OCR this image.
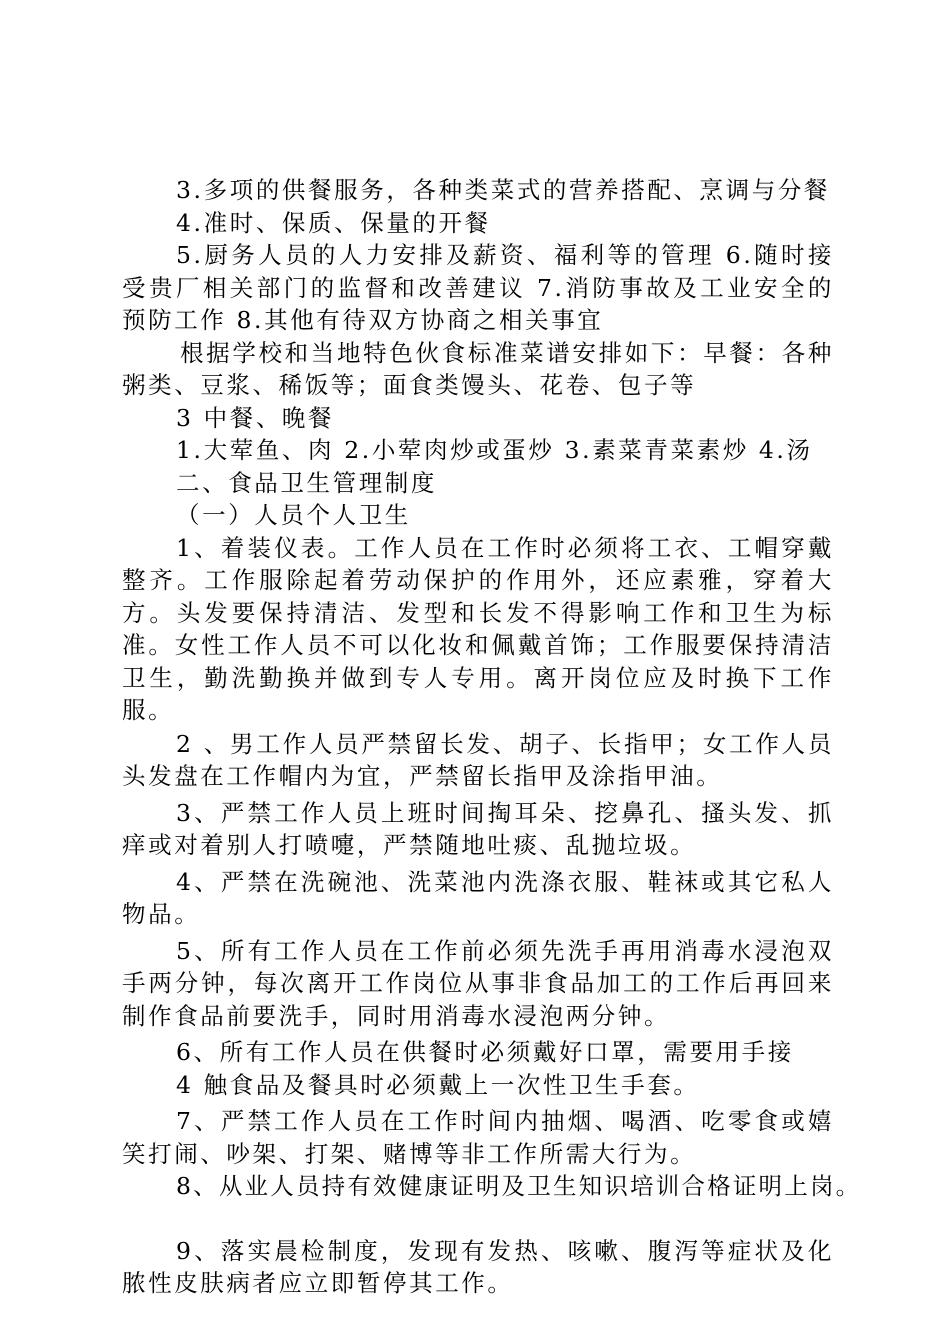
3.多项的供餐服务，各种类菜式的营养搭配、烹调与分餐

4.准时、保质、保量的开餐

5.厨务人员的人力安排及薪资、福利等的管理 6.随时接受贵厂相关部门的监督和改善建议 7.消防事故及工业安全的预防工作 8.其他有待双方协商之相关事宜

根据学校和当地特色伙食标准菜谱安排如下：早餐：各种粥类、豆浆、稀饭等；面食类馒头、花卷、包子等

3 中餐、晚餐

1.大荤鱼、肉 2.小荤肉炒或蛋炒 3.素菜青菜素炒 4.汤

二、食品卫生管理制度

（一）人员个人卫生

1、着装仪表。工作人员在工作时必须将工衣、工帽穿戴整齐。工作服除起着劳动保护的作用外，还应素雅，穿着大方。头发要保持清洁、发型和长发不得影响工作和卫生为标准。女性工作人员不可以化妆和佩戴首饰；工作服要保持清洁卫生，勤洗勤换并做到专人专用。离开岗位应及时换下工作服。

2 、男工作人员严禁留长发、胡子、长指甲；女工作人员头发盘在工作帽内为宜，严禁留长指甲及涂指甲油。

3、严禁工作人员上班时间掏耳朵、挖鼻孔、搔头发、抓痒或对着别人打喷嚏，严禁随地吐痰、乱抛垃圾。

4、严禁在洗碗池、洗菜池内洗涤衣服、鞋袜或其它私人物品。

5、所有工作人员在工作前必须先洗手再用消毒水浸泡双手两分钟，每次离开工作岗位从事非食品加工的工作后再回来制作食品前要洗手，同时用消毒水浸泡两分钟。

6、所有工作人员在供餐时必须戴好口罩，需要用手接

4 触食品及餐具时必须戴上一次性卫生手套。

7、严禁工作人员在工作时间内抽烟、喝酒、吃零食或嬉笑打闹、吵架、打架、赌博等非工作所需大行为。

8、从业人员持有效健康证明及卫生知识培训合格证明上岗。

9、落实晨检制度，发现有发热、咳嗽、腹泻等症状及化脓性皮肤病者应立即暂停其工作。
